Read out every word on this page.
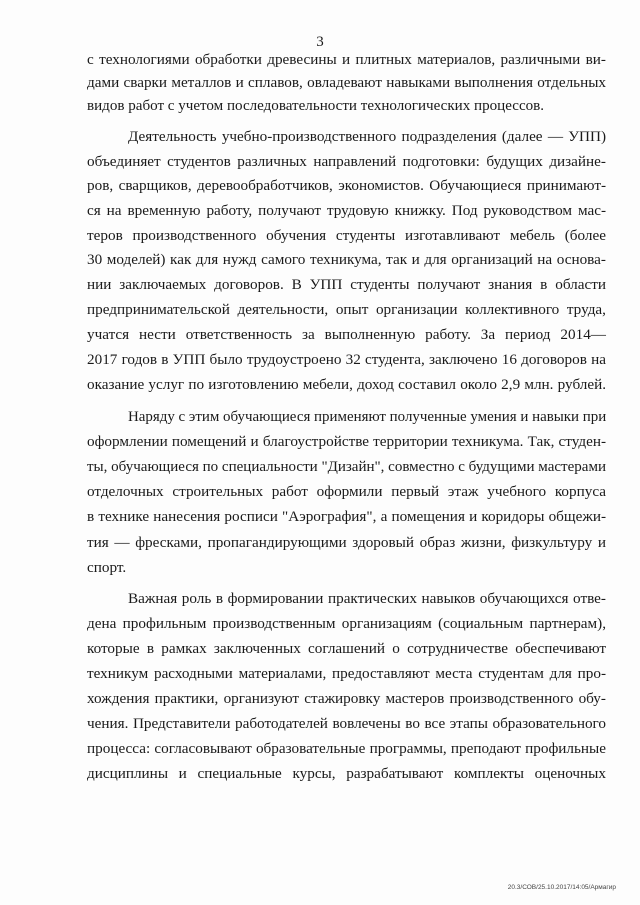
3
с технологиями обработки древесины и плитных материалов, различными ви-
дами сварки металлов и сплавов, овладевают навыками выполнения отдельных
видов работ с учетом последовательности технологических процессов.
Деятельность учебно-производственного подразделения (далее — УПП)
объединяет студентов различных направлений подготовки: будущих дизайне-
ров, сварщиков, деревообработчиков, экономистов. Обучающиеся принимают-
ся на временную работу, получают трудовую книжку. Под руководством мас-
теров производственного обучения студенты изготавливают мебель (более
30 моделей) как для нужд самого техникума, так и для организаций на основа-
нии заключаемых договоров. В УПП студенты получают знания в области
предпринимательской деятельности, опыт организации коллективного труда,
учатся нести ответственность за выполненную работу. За период 2014—
2017 годов в УПП было трудоустроено 32 студента, заключено 16 договоров на
оказание услуг по изготовлению мебели, доход составил около 2,9 млн. рублей.
Наряду с этим обучающиеся применяют полученные умения и навыки при
оформлении помещений и благоустройстве территории техникума. Так, студен-
ты, обучающиеся по специальности "Дизайн", совместно с будущими мастерами
отделочных строительных работ оформили первый этаж учебного корпуса
в технике нанесения росписи "Аэрография", а помещения и коридоры общежи-
тия — фресками, пропагандирующими здоровый образ жизни, физкультуру и
спорт.
Важная роль в формировании практических навыков обучающихся отве-
дена профильным производственным организациям (социальным партнерам),
которые в рамках заключенных соглашений о сотрудничестве обеспечивают
техникум расходными материалами, предоставляют места студентам для про-
хождения практики, организуют стажировку мастеров производственного обу-
чения. Представители работодателей вовлечены во все этапы образовательного
процесса: согласовывают образовательные программы, преподают профильные
дисциплины и специальные курсы, разрабатывают комплекты оценочных
20.3/СОВ/25.10.2017/14:05/Армагир
